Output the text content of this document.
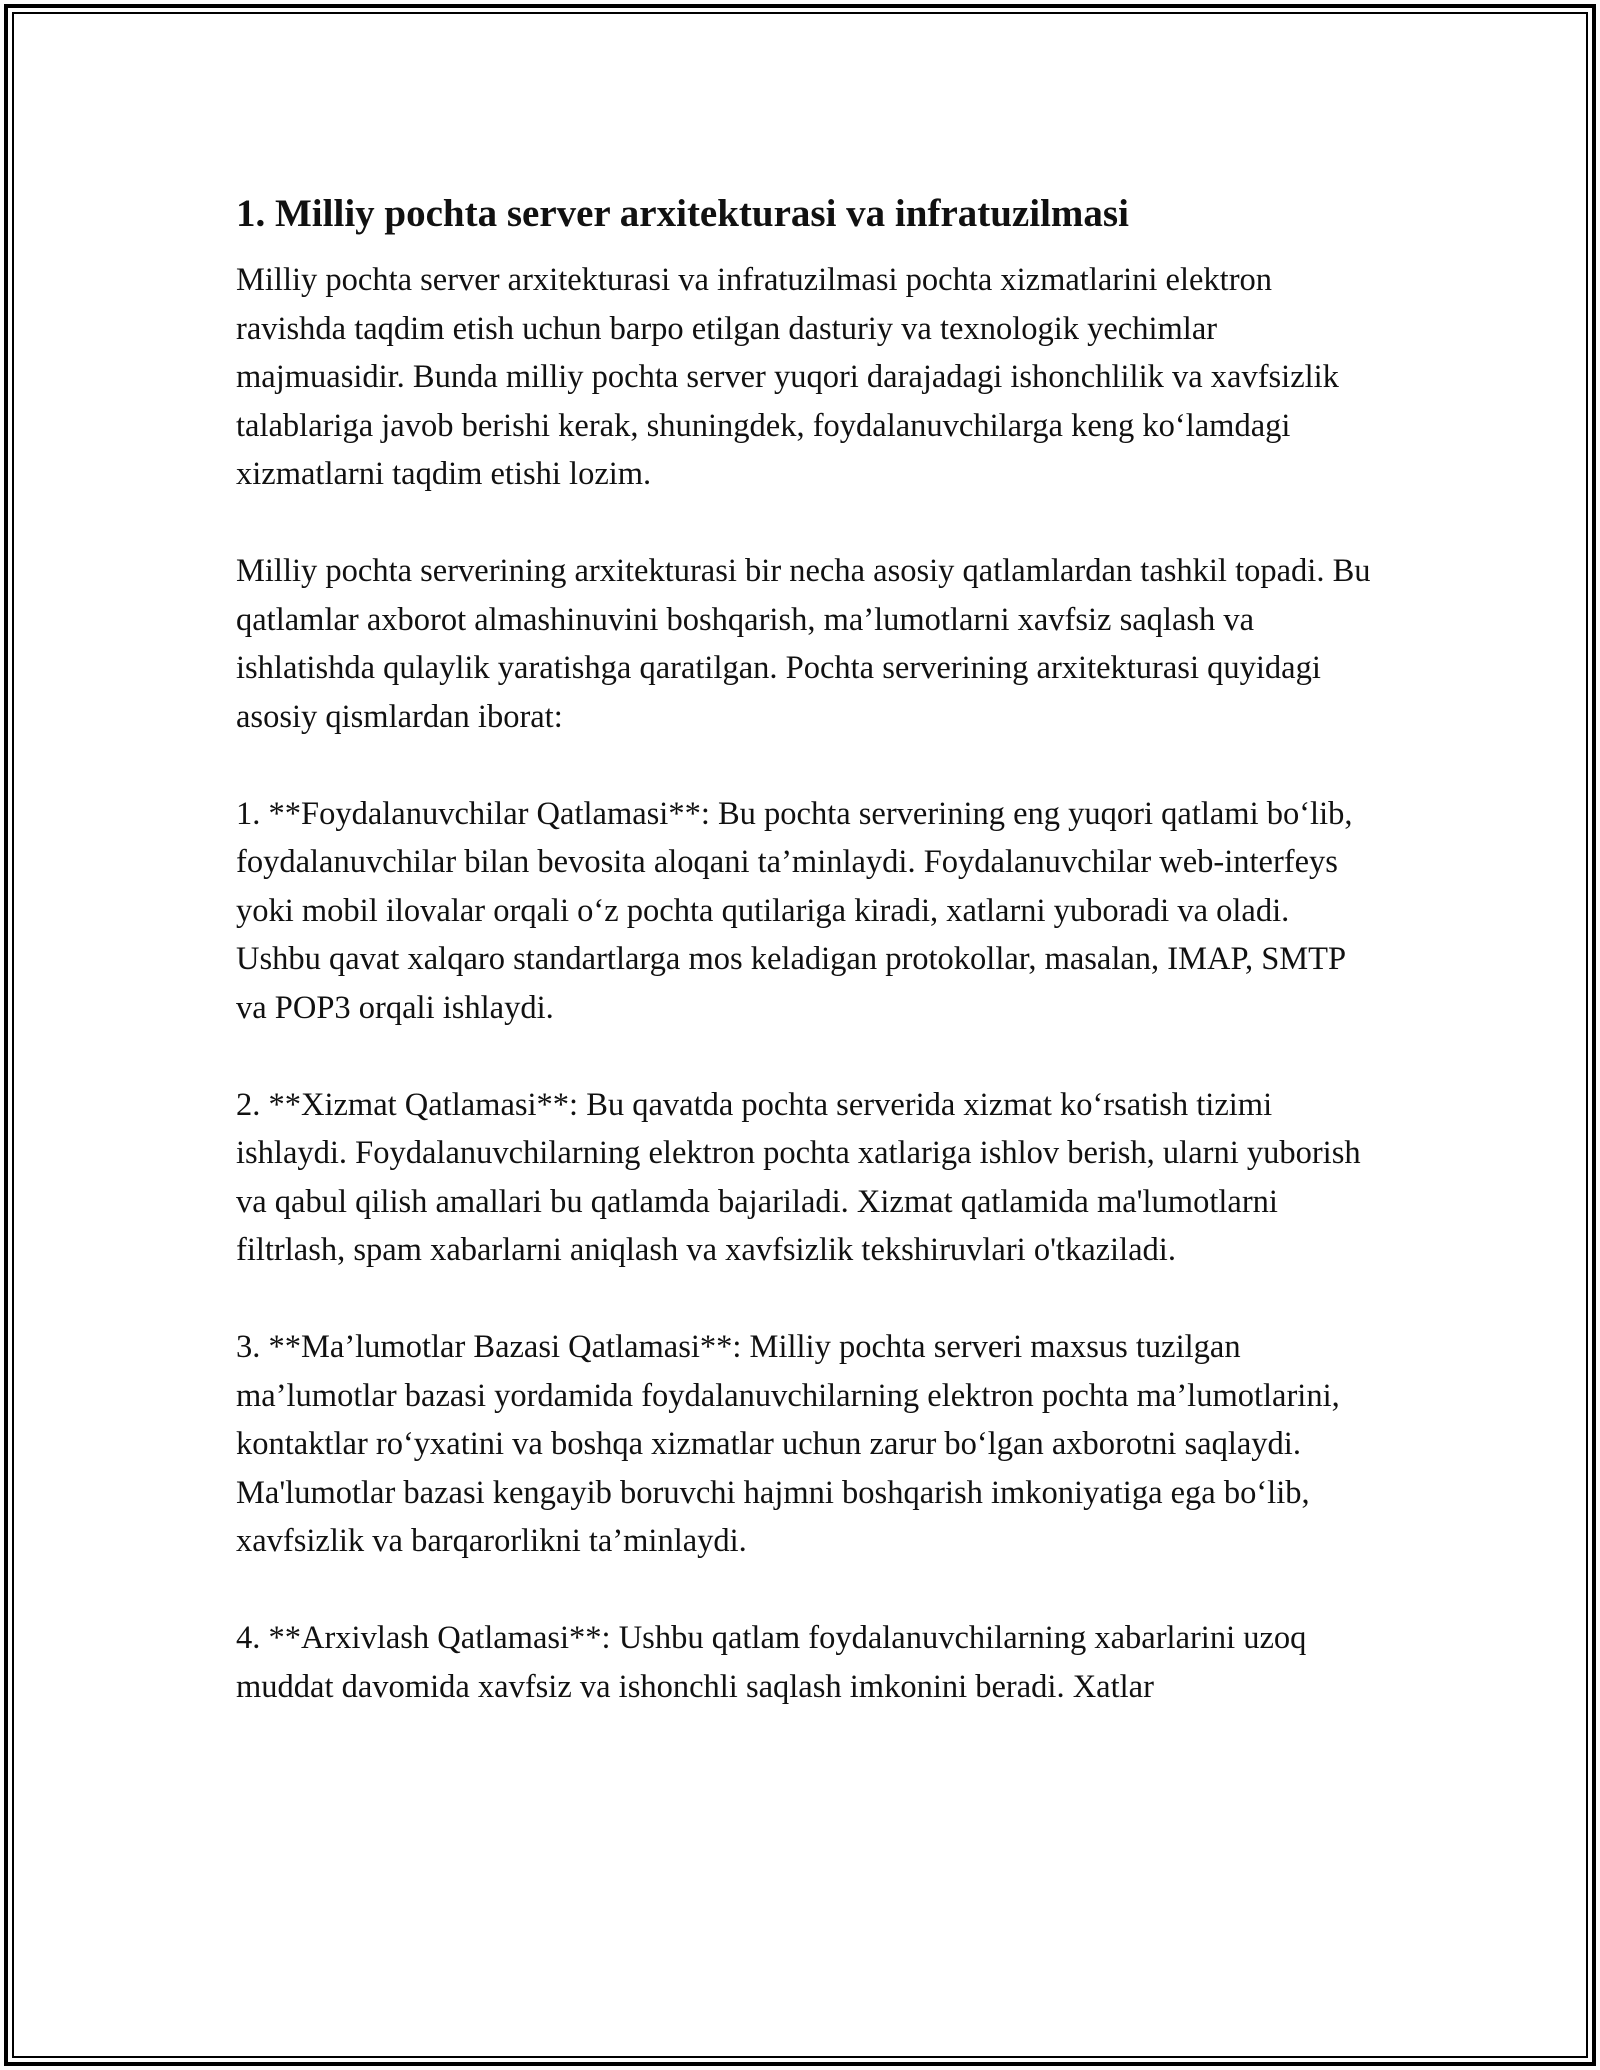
1. Milliy pochta server arxitekturasi va infratuzilmasi

Milliy pochta server arxitekturasi va infratuzilmasi pochta xizmatlarini elektron ravishda taqdim etish uchun barpo etilgan dasturiy va texnologik yechimlar majmuasidir. Bunda milliy pochta server yuqori darajadagi ishonchlilik va xavfsizlik talablariga javob berishi kerak, shuningdek, foydalanuvchilarga keng ko‘lamdagi xizmatlarni taqdim etishi lozim.

Milliy pochta serverining arxitekturasi bir necha asosiy qatlamlardan tashkil topadi. Bu qatlamlar axborot almashinuvini boshqarish, ma’lumotlarni xavfsiz saqlash va ishlatishda qulaylik yaratishga qaratilgan. Pochta serverining arxitekturasi quyidagi asosiy qismlardan iborat:

1. **Foydalanuvchilar Qatlamasi**: Bu pochta serverining eng yuqori qatlami bo‘lib, foydalanuvchilar bilan bevosita aloqani ta’minlaydi. Foydalanuvchilar web-interfeys yoki mobil ilovalar orqali o‘z pochta qutilariga kiradi, xatlarni yuboradi va oladi. Ushbu qavat xalqaro standartlarga mos keladigan protokollar, masalan, IMAP, SMTP va POP3 orqali ishlaydi.

2. **Xizmat Qatlamasi**: Bu qavatda pochta serverida xizmat ko‘rsatish tizimi ishlaydi. Foydalanuvchilarning elektron pochta xatlariga ishlov berish, ularni yuborish va qabul qilish amallari bu qatlamda bajariladi. Xizmat qatlamida ma'lumotlarni filtrlash, spam xabarlarni aniqlash va xavfsizlik tekshiruvlari o'tkaziladi.

3. **Ma’lumotlar Bazasi Qatlamasi**: Milliy pochta serveri maxsus tuzilgan ma’lumotlar bazasi yordamida foydalanuvchilarning elektron pochta ma’lumotlarini, kontaktlar ro‘yxatini va boshqa xizmatlar uchun zarur bo‘lgan axborotni saqlaydi. Ma'lumotlar bazasi kengayib boruvchi hajmni boshqarish imkoniyatiga ega bo‘lib, xavfsizlik va barqarorlikni ta’minlaydi.

4. **Arxivlash Qatlamasi**: Ushbu qatlam foydalanuvchilarning xabarlarini uzoq muddat davomida xavfsiz va ishonchli saqlash imkonini beradi. Xatlar
